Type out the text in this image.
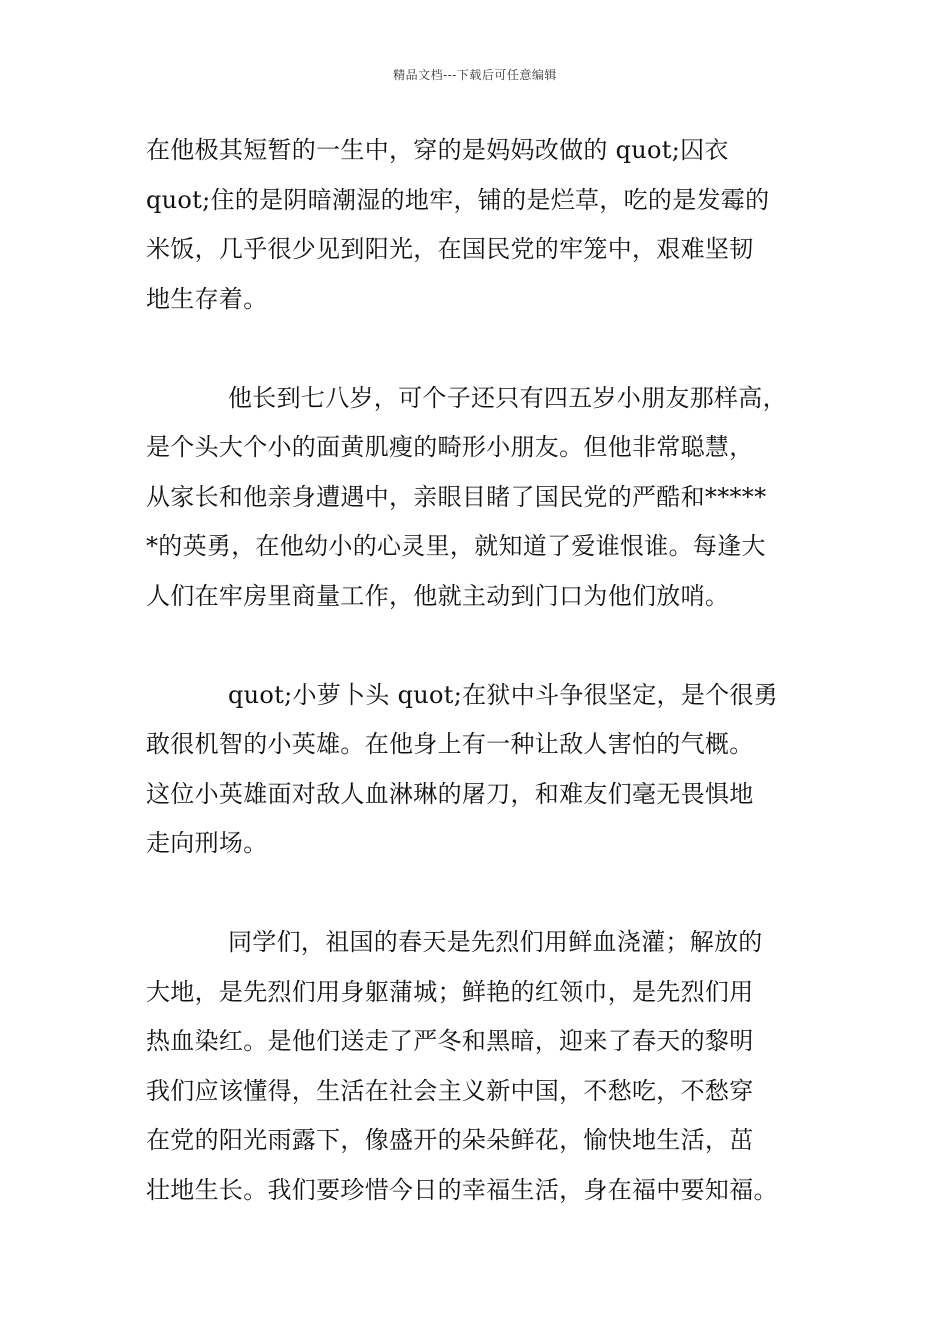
精品文档---下载后可任意编辑
在他极其短暂的一生中，穿的是妈妈改做的 quot;囚衣
quot;住的是阴暗潮湿的地牢，铺的是烂草，吃的是发霉的
米饭，几乎很少见到阳光，在国民党的牢笼中，艰难坚韧
地生存着。
他长到七八岁，可个子还只有四五岁小朋友那样高，
是个头大个小的面黄肌瘦的畸形小朋友。但他非常聪慧，
从家长和他亲身遭遇中，亲眼目睹了国民党的严酷和*****
*的英勇，在他幼小的心灵里，就知道了爱谁恨谁。每逢大
人们在牢房里商量工作，他就主动到门口为他们放哨。
quot;小萝卜头 quot;在狱中斗争很坚定，是个很勇
敢很机智的小英雄。在他身上有一种让敌人害怕的气概。
这位小英雄面对敌人血淋琳的屠刀，和难友们毫无畏惧地
走向刑场。
同学们，祖国的春天是先烈们用鲜血浇灌；解放的
大地，是先烈们用身躯蒲城；鲜艳的红领巾，是先烈们用
热血染红。是他们送走了严冬和黑暗，迎来了春天的黎明
我们应该懂得，生活在社会主义新中国，不愁吃，不愁穿
在党的阳光雨露下，像盛开的朵朵鲜花，愉快地生活，茁
壮地生长。我们要珍惜今日的幸福生活，身在福中要知福。
